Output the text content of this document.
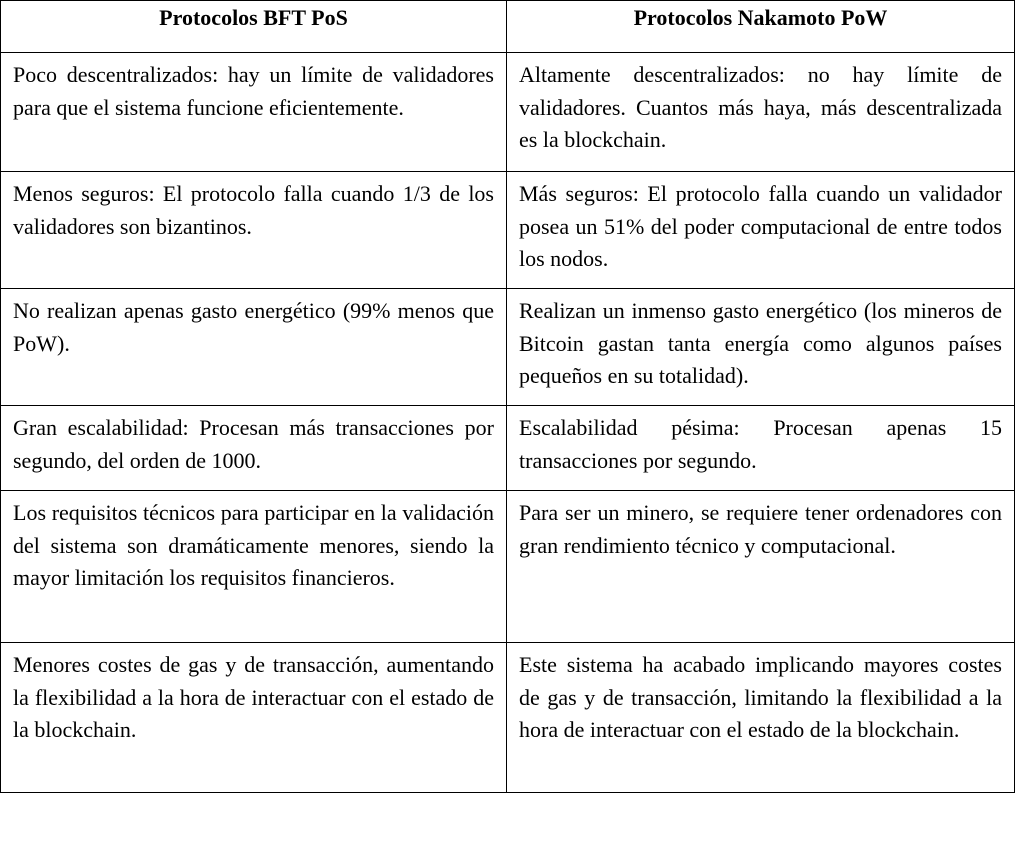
Protocolos BFT PoS	Protocolos Nakamoto PoW

Poco descentralizados: hay un límite de validadores para que el sistema funcione eficientemente.	Altamente descentralizados: no hay límite de validadores. Cuantos más haya, más descentralizada es la blockchain.

Menos seguros: El protocolo falla cuando 1/3 de los validadores son bizantinos.	Más seguros: El protocolo falla cuando un validador posea un 51% del poder computacional de entre todos los nodos.

No realizan apenas gasto energético (99% menos que PoW).	Realizan un inmenso gasto energético (los mineros de Bitcoin gastan tanta energía como algunos países pequeños en su totalidad).

Gran escalabilidad: Procesan más transacciones por segundo, del orden de 1000.	Escalabilidad pésima: Procesan apenas 15 transacciones por segundo.

Los requisitos técnicos para participar en la validación del sistema son dramáticamente menores, siendo la mayor limitación los requisitos financieros.	Para ser un minero, se requiere tener ordenadores con gran rendimiento técnico y computacional.

Menores costes de gas y de transacción, aumentando la flexibilidad a la hora de interactuar con el estado de la blockchain.	Este sistema ha acabado implicando mayores costes de gas y de transacción, limitando la flexibilidad a la hora de interactuar con el estado de la blockchain.
